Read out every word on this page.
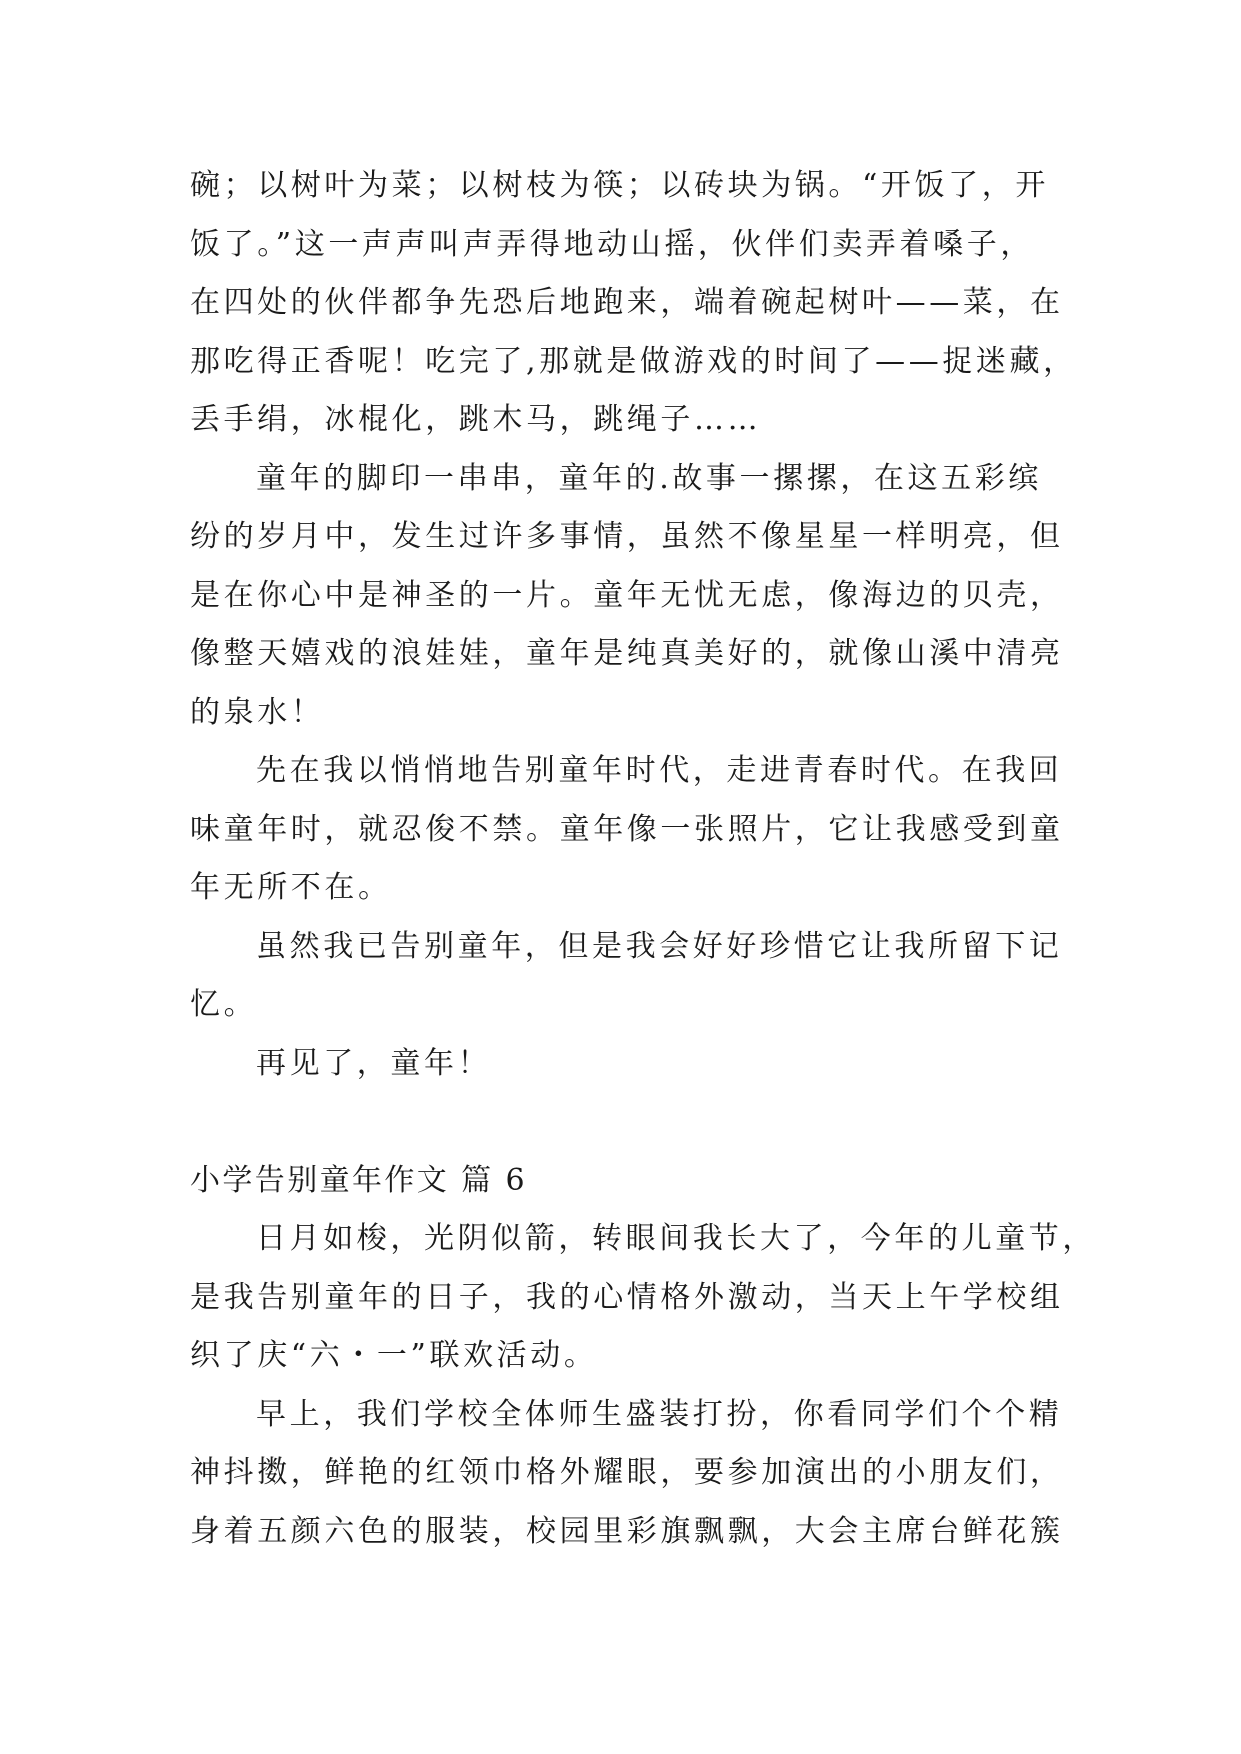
碗；以树叶为菜；以树枝为筷；以砖块为锅。“开饭了，开
饭了。”这一声声叫声弄得地动山摇，伙伴们卖弄着嗓子，
在四处的伙伴都争先恐后地跑来，端着碗起树叶——菜，在
那吃得正香呢！吃完了,那就是做游戏的时间了——捉迷藏，
丢手绢，冰棍化，跳木马，跳绳子……
童年的脚印一串串，童年的.故事一摞摞，在这五彩缤
纷的岁月中，发生过许多事情，虽然不像星星一样明亮，但
是在你心中是神圣的一片。童年无忧无虑，像海边的贝壳，
像整天嬉戏的浪娃娃，童年是纯真美好的，就像山溪中清亮
的泉水！
先在我以悄悄地告别童年时代，走进青春时代。在我回
味童年时，就忍俊不禁。童年像一张照片，它让我感受到童
年无所不在。
虽然我已告别童年，但是我会好好珍惜它让我所留下记
忆。
再见了，童年！
小学告别童年作文 篇 6
日月如梭，光阴似箭，转眼间我长大了，今年的儿童节，
是我告别童年的日子，我的心情格外激动，当天上午学校组
织了庆“六・一”联欢活动。
早上，我们学校全体师生盛装打扮，你看同学们个个精
神抖擞，鲜艳的红领巾格外耀眼，要参加演出的小朋友们，
身着五颜六色的服装，校园里彩旗飘飘，大会主席台鲜花簇
